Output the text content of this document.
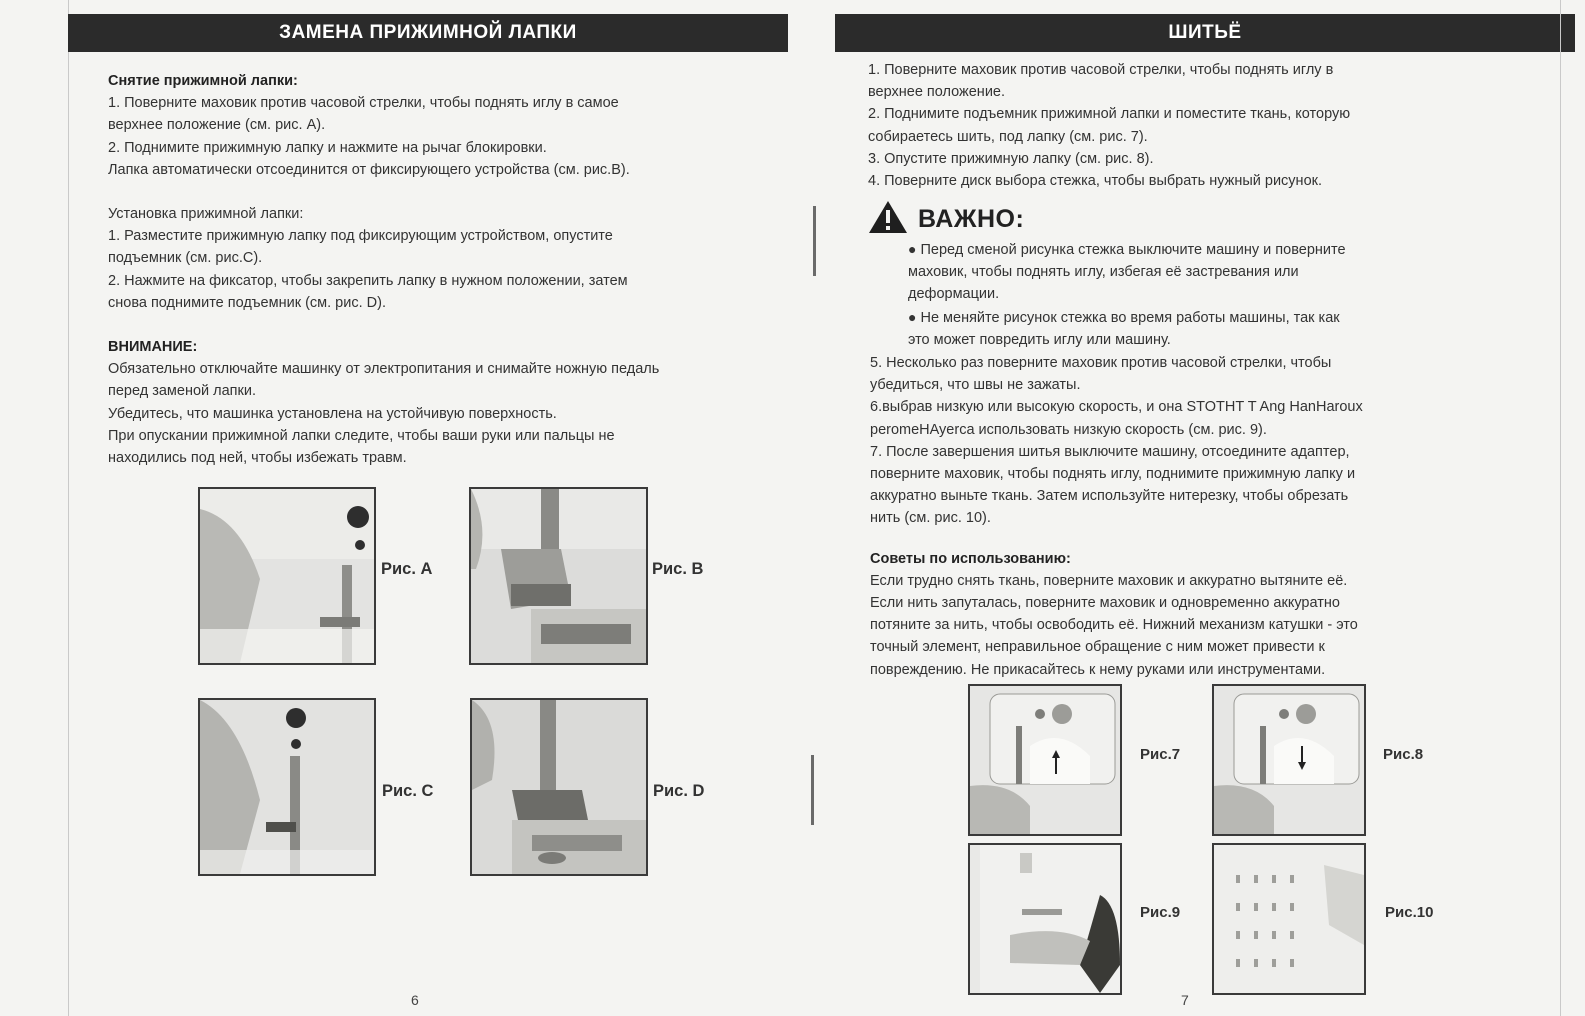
ЗАМЕНА ПРИЖИМНОЙ ЛАПКИ

Снятие прижимной лапки:

1. Поверните маховик против часовой стрелки, чтобы поднять иглу в самое

верхнее положение (см. рис. A).

2. Поднимите прижимную лапку и нажмите на рычаг блокировки.

Лапка автоматически отсоединится от фиксирующего устройства (см. рис.B).

Установка прижимной лапки:

1. Разместите прижимную лапку под фиксирующим устройством, опустите

подъемник (см. рис.C).

2. Нажмите на фиксатор, чтобы закрепить лапку в нужном положении, затем

снова поднимите подъемник (см. рис. D).

ВНИМАНИЕ:

Обязательно отключайте машинку от электропитания и снимайте ножную педаль

перед заменой лапки.

Убедитесь, что машинка установлена на устойчивую поверхность.

При опускании прижимной лапки следите, чтобы ваши руки или пальцы не

находились под ней, чтобы избежать травм.

Рис. А	Рис. В
Рис. С	Рис. D
6
ШИТЬЁ

1. Поверните маховик против часовой стрелки, чтобы поднять иглу в

верхнее положение.

2. Поднимите подъемник прижимной лапки и поместите ткань, которую

собираетесь шить, под лапку (см. рис. 7).

3. Опустите прижимную лапку (см. рис. 8).

4. Поверните диск выбора стежка, чтобы выбрать нужный рисунок.

ВАЖНО:

● Перед сменой рисунка стежка выключите машину и поверните

маховик, чтобы поднять иглу, избегая её застревания или

деформации.

● Не меняйте рисунок стежка во время работы машины, так как

это может повредить иглу или машину.

5. Несколько раз поверните маховик против часовой стрелки, чтобы

убедиться, что швы не зажаты.

6.выбрав низкую или высокую скорость, и она STOTHT T Ang HanHaroux

peromeHAyerca использовать низкую скорость (см. рис. 9).

7. После завершения шитья выключите машину, отсоедините адаптер,

поверните маховик, чтобы поднять иглу, поднимите прижимную лапку и

аккуратно выньте ткань. Затем используйте нитерезку, чтобы обрезать

нить (см. рис. 10).

Советы по использованию:

Если трудно снять ткань, поверните маховик и аккуратно вытяните её.

Если нить запуталась, поверните маховик и одновременно аккуратно

потяните за нить, чтобы освободить её. Нижний механизм катушки - это

точный элемент, неправильное обращение с ним может привести к

повреждению. Не прикасайтесь к нему руками или инструментами.

Рис.7	Рис.8
Рис.9	Рис.10
7
